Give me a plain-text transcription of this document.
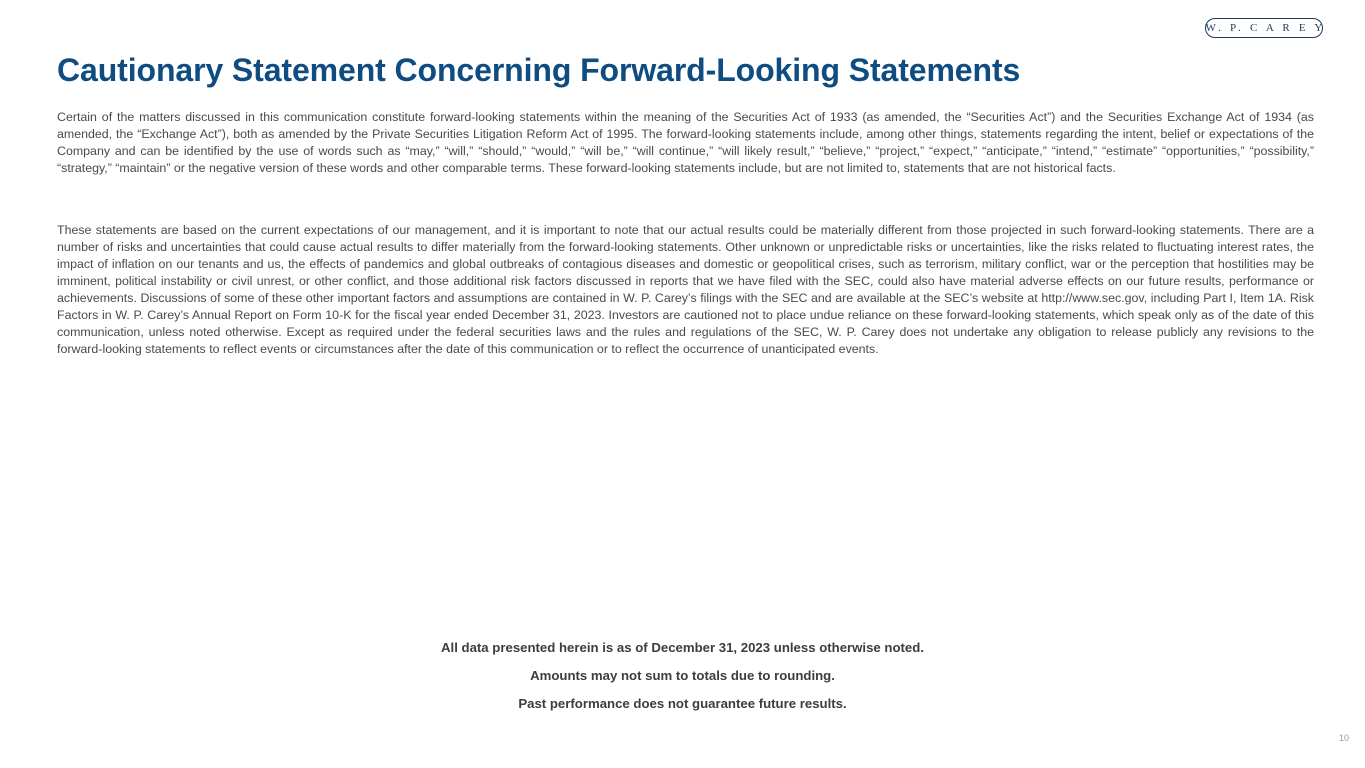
W. P. C A R E Y
Cautionary Statement Concerning Forward-Looking Statements

Certain of the matters discussed in this communication constitute forward-looking statements within the meaning of the Securities Act of 1933 (as amended, the “Securities Act”) and the Securities Exchange Act of 1934 (as amended, the “Exchange Act”), both as amended by the Private Securities Litigation Reform Act of 1995. The forward-looking statements include, among other things, statements regarding the intent, belief or expectations of the Company and can be identified by the use of words such as “may,” “will,” “should,” “would,” “will be,” “will continue,” “will likely result,” “believe,” “project,” “expect,” “anticipate,” “intend,” “estimate” “opportunities,” “possibility,” “strategy,” “maintain” or the negative version of these words and other comparable terms. These forward-looking statements include, but are not limited to, statements that are not historical facts.

These statements are based on the current expectations of our management, and it is important to note that our actual results could be materially different from those projected in such forward-looking statements. There are a number of risks and uncertainties that could cause actual results to differ materially from the forward-looking statements. Other unknown or unpredictable risks or uncertainties, like the risks related to fluctuating interest rates, the impact of inflation on our tenants and us, the effects of pandemics and global outbreaks of contagious diseases and domestic or geopolitical crises, such as terrorism, military conflict, war or the perception that hostilities may be imminent, political instability or civil unrest, or other conflict, and those additional risk factors discussed in reports that we have filed with the SEC, could also have material adverse effects on our future results, performance or achievements. Discussions of some of these other important factors and assumptions are contained in W. P. Carey’s filings with the SEC and are available at the SEC’s website at http://www.sec.gov, including Part I, Item 1A. Risk Factors in W. P. Carey’s Annual Report on Form 10-K for the fiscal year ended December 31, 2023. Investors are cautioned not to place undue reliance on these forward-looking statements, which speak only as of the date of this communication, unless noted otherwise. Except as required under the federal securities laws and the rules and regulations of the SEC, W. P. Carey does not undertake any obligation to release publicly any revisions to the forward-looking statements to reflect events or circumstances after the date of this communication or to reflect the occurrence of unanticipated events.

All data presented herein is as of December 31, 2023 unless otherwise noted.

Amounts may not sum to totals due to rounding.

Past performance does not guarantee future results.

10
